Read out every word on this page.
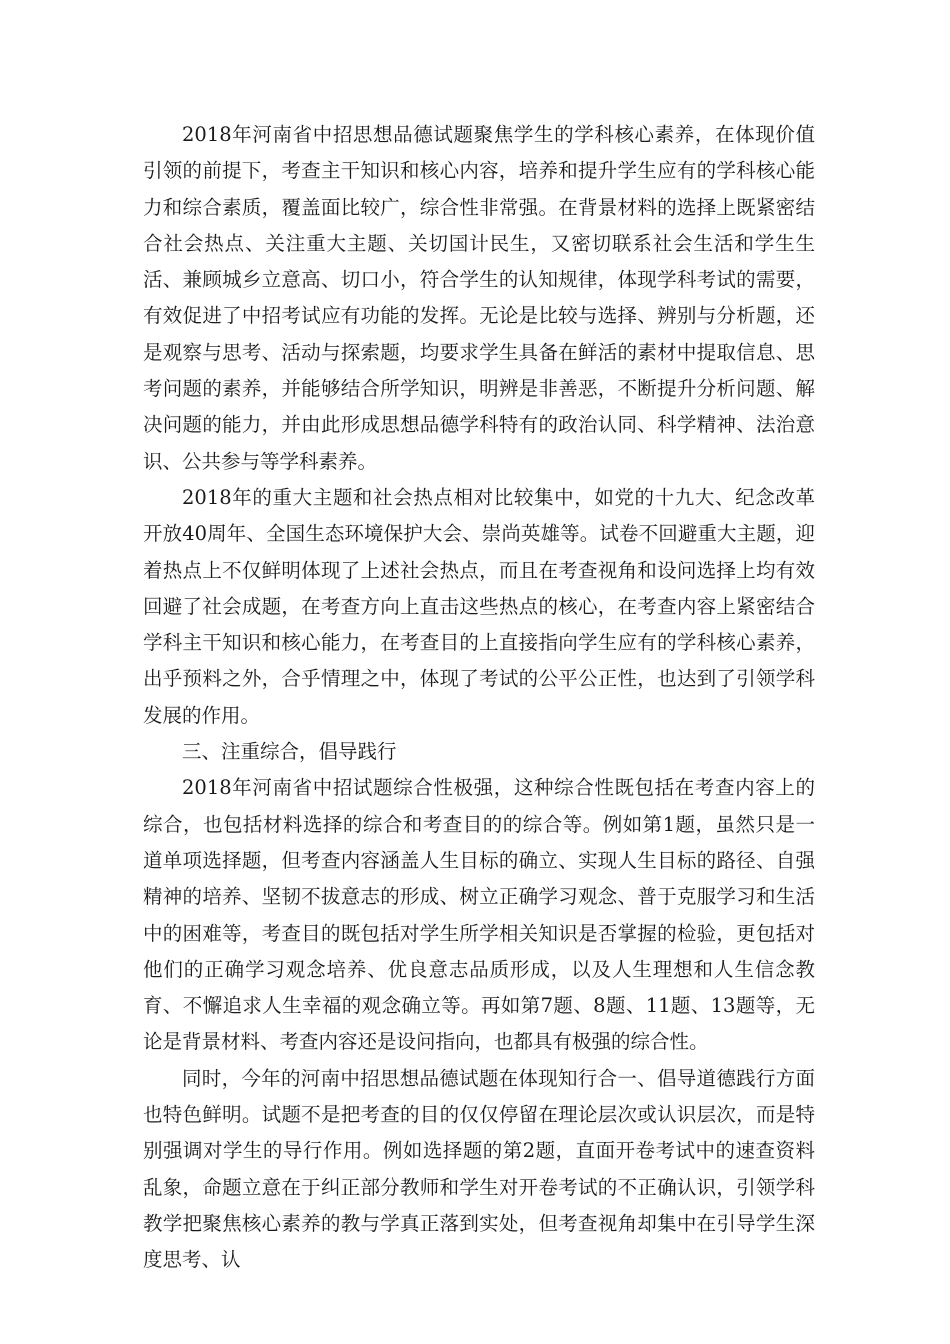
2018年河南省中招思想品德试题聚焦学生的学科核心素养，在体现价值引领的前提下，考查主干知识和核心内容，培养和提升学生应有的学科核心能力和综合素质，覆盖面比较广，综合性非常强。在背景材料的选择上既紧密结合社会热点、关注重大主题、关切国计民生，又密切联系社会生活和学生生活、兼顾城乡立意高、切口小，符合学生的认知规律，体现学科考试的需要，有效促进了中招考试应有功能的发挥。无论是比较与选择、辨别与分析题，还是观察与思考、活动与探索题，均要求学生具备在鲜活的素材中提取信息、思考问题的素养，并能够结合所学知识，明辨是非善恶，不断提升分析问题、解决问题的能力，并由此形成思想品德学科特有的政治认同、科学精神、法治意识、公共参与等学科素养。

2018年的重大主题和社会热点相对比较集中，如党的十九大、纪念改革开放40周年、全国生态环境保护大会、崇尚英雄等。试卷不回避重大主题，迎着热点上不仅鲜明体现了上述社会热点，而且在考查视角和设问选择上均有效回避了社会成题，在考查方向上直击这些热点的核心，在考查内容上紧密结合学科主干知识和核心能力，在考查目的上直接指向学生应有的学科核心素养，出乎预料之外，合乎情理之中，体现了考试的公平公正性，也达到了引领学科发展的作用。

三、注重综合，倡导践行

2018年河南省中招试题综合性极强，这种综合性既包括在考查内容上的综合，也包括材料选择的综合和考查目的的综合等。例如第1题，虽然只是一道单项选择题，但考查内容涵盖人生目标的确立、实现人生目标的路径、自强精神的培养、坚韧不拔意志的形成、树立正确学习观念、普于克服学习和生活中的困难等，考查目的既包括对学生所学相关知识是否掌握的检验，更包括对他们的正确学习观念培养、优良意志品质形成，以及人生理想和人生信念教育、不懈追求人生幸福的观念确立等。再如第7题、8题、11题、13题等，无论是背景材料、考查内容还是设问指向，也都具有极强的综合性。

同时，今年的河南中招思想品德试题在体现知行合一、倡导道德践行方面也特色鲜明。试题不是把考查的目的仅仅停留在理论层次或认识层次，而是特别强调对学生的导行作用。例如选择题的第2题，直面开卷考试中的速查资料乱象，命题立意在于纠正部分教师和学生对开卷考试的不正确认识，引领学科教学把聚焦核心素养的教与学真正落到实处，但考查视角却集中在引导学生深度思考、认
